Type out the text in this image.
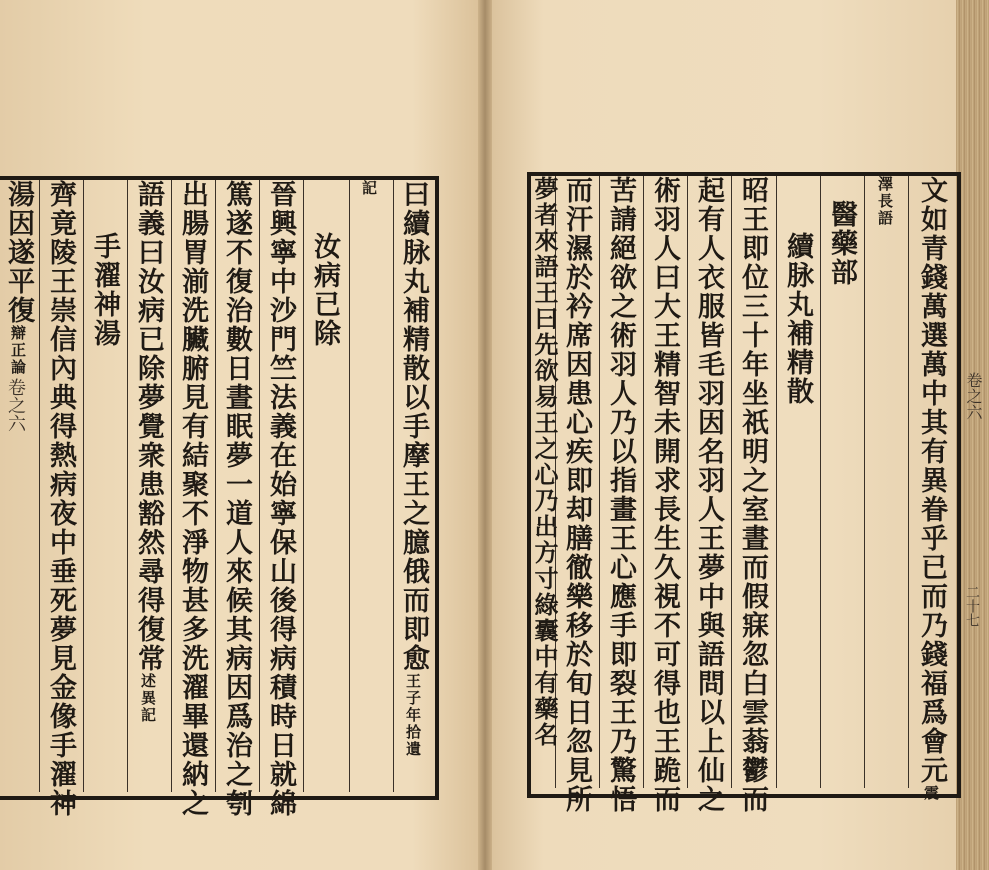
曰續脉丸補精散以手摩王之臆俄而即愈
王子年拾遺
記
汝病已除
晉興寧中沙門竺法義在始寧保山後得病積時日就綿
篤遂不復治數日晝眠夢一道人來候其病因爲治之刳
出腸胃湔洗臟腑見有結聚不淨物甚多洗濯畢還納之
語義曰汝病已除夢覺衆患豁然尋得復常
述異記
手濯神湯
齊竟陵王崇信內典得熱病夜中垂死夢見金像手濯神
湯因遂平復
辯正論	文如青錢萬選萬中其有異眷乎已而乃錢福爲會元
震
澤長語
醫藥部
續脉丸補精散
昭王即位三十年坐祇明之室晝而假寐忽白雲蓊鬱而
起有人衣服皆毛羽因名羽人王夢中與語問以上仙之
術羽人曰大王精智未開求長生久視不可得也王跪而
苦請絕欲之術羽人乃以指畫王心應手即裂王乃驚悟
而汗濕於衿席因患心疾即却膳徹樂移於旬日忽見所
夢者來語王曰先欲易王之心乃出方寸綠囊中有藥名
卷之六	卷之六
二十七
